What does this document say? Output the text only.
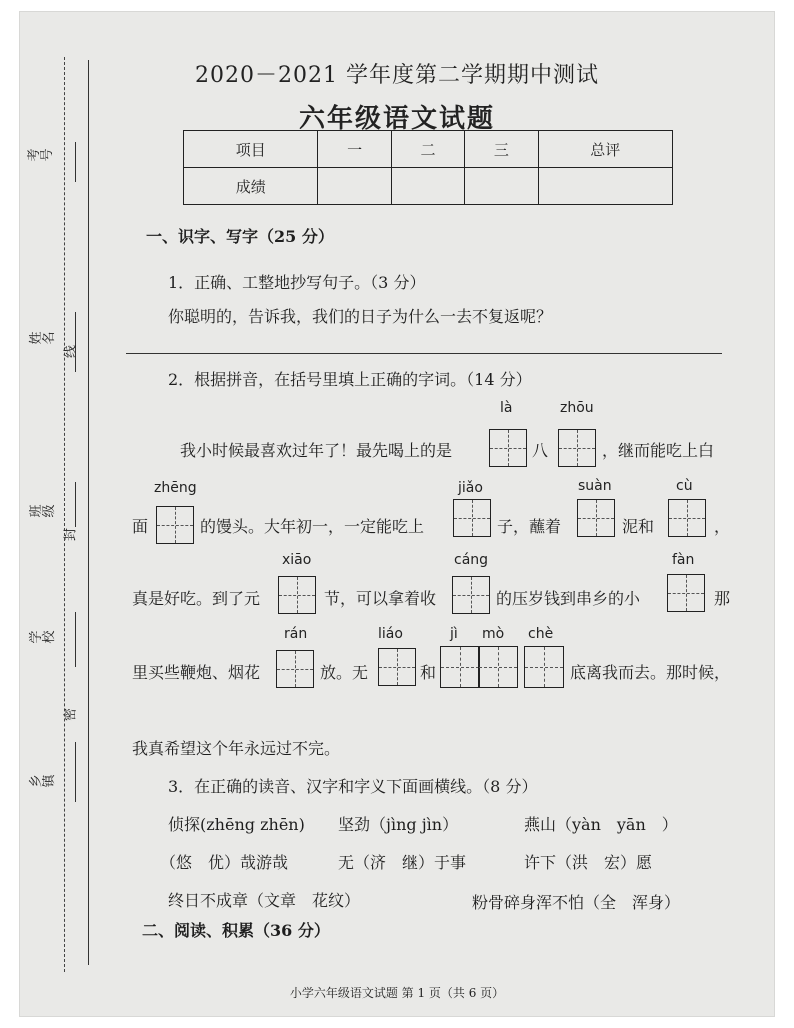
考号
姓名
线
班级
封
学校
密
乡镇
2020－2021 学年度第二学期期中测试
六年级语文试题
项目	一	二	三	总评
成绩				
一、识字、写字（25 分）
1．正确、工整地抄写句子。（3 分）
你聪明的，告诉我，我们的日子为什么一去不复返呢？
2．根据拼音，在括号里填上正确的字词。（14 分）
là	zhōu
我小时候最喜欢过年了！最先喝上的是	八	，继而能吃上白
zhēng	jiǎo	suàn	cù
面	的馒头。大年初一，一定能吃上	子，蘸着	泥和	，
xiāo	cáng	fàn
真是好吃。到了元	节，可以拿着收	的压岁钱到串乡的小	那
rán	liáo	jì mò chè
里买些鞭炮、烟花	放。无	和	底离我而去。那时候，
我真希望这个年永远过不完。
3．在正确的读音、汉字和字义下面画横线。（8 分）
侦探(zhēng zhēn) 坚劲（jìng jìn）	燕山（yàn　yān　）
（悠　优）哉游哉	无（济　继）于事	许下（洪　宏）愿
终日不成章（文章　花纹）	粉骨碎身浑不怕（全　浑身）
二、阅读、积累（36 分）
小学六年级语文试题 第 1 页（共 6 页）
